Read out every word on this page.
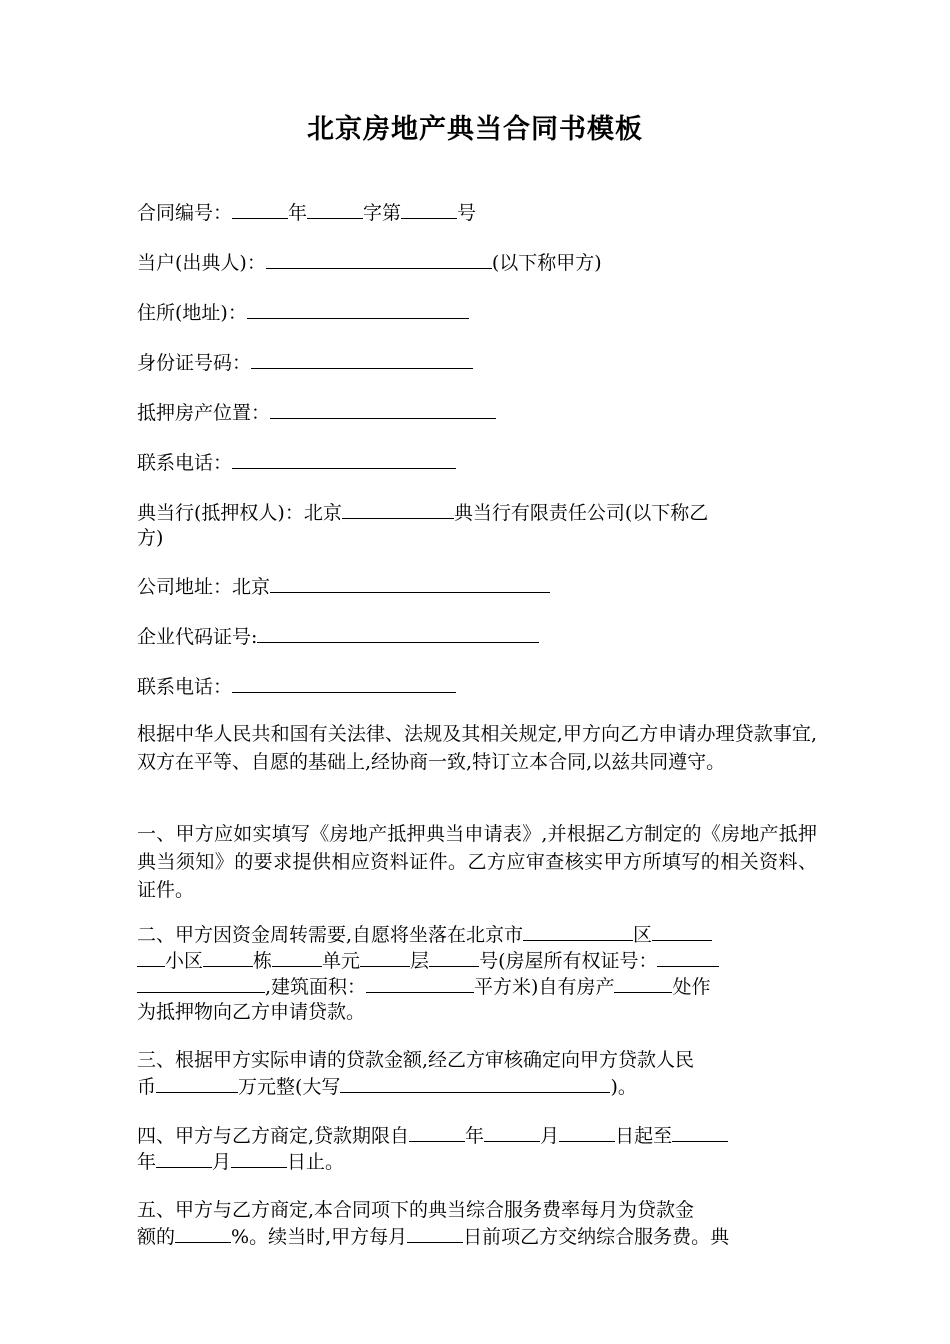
北京房地产典当合同书模板
合同编号：	年	字第	号
当户(出典人)：	(以下称甲方)
住所(地址)：
身份证号码：
抵押房产位置：
联系电话：
典当行(抵押权人)：北京	典当行有限责任公司(以下称乙
方)
公司地址：北京
企业代码证号:
联系电话：
根据中华人民共和国有关法律、法规及其相关规定,甲方向乙方申请办理贷款事宜,双方在平等、自愿的基础上,经协商一致,特订立本合同,以兹共同遵守。
一、甲方应如实填写《房地产抵押典当申请表》,并根据乙方制定的《房地产抵押典当须知》的要求提供相应资料证件。乙方应审查核实甲方所填写的相关资料、证件。
二、甲方因资金周转需要,自愿将坐落在北京市	区
小区	栋	单元	层	号(房屋所有权证号：
,建筑面积：	平方米)自有房产	处作
为抵押物向乙方申请贷款。
三、根据甲方实际申请的贷款金额,经乙方审核确定向甲方贷款人民
币	万元整(大写	)。
四、甲方与乙方商定,贷款期限自	年	月	日起至
年	月	日止。
五、甲方与乙方商定,本合同项下的典当综合服务费率每月为贷款金
额的	%。续当时,甲方每月	日前项乙方交纳综合服务费。典
